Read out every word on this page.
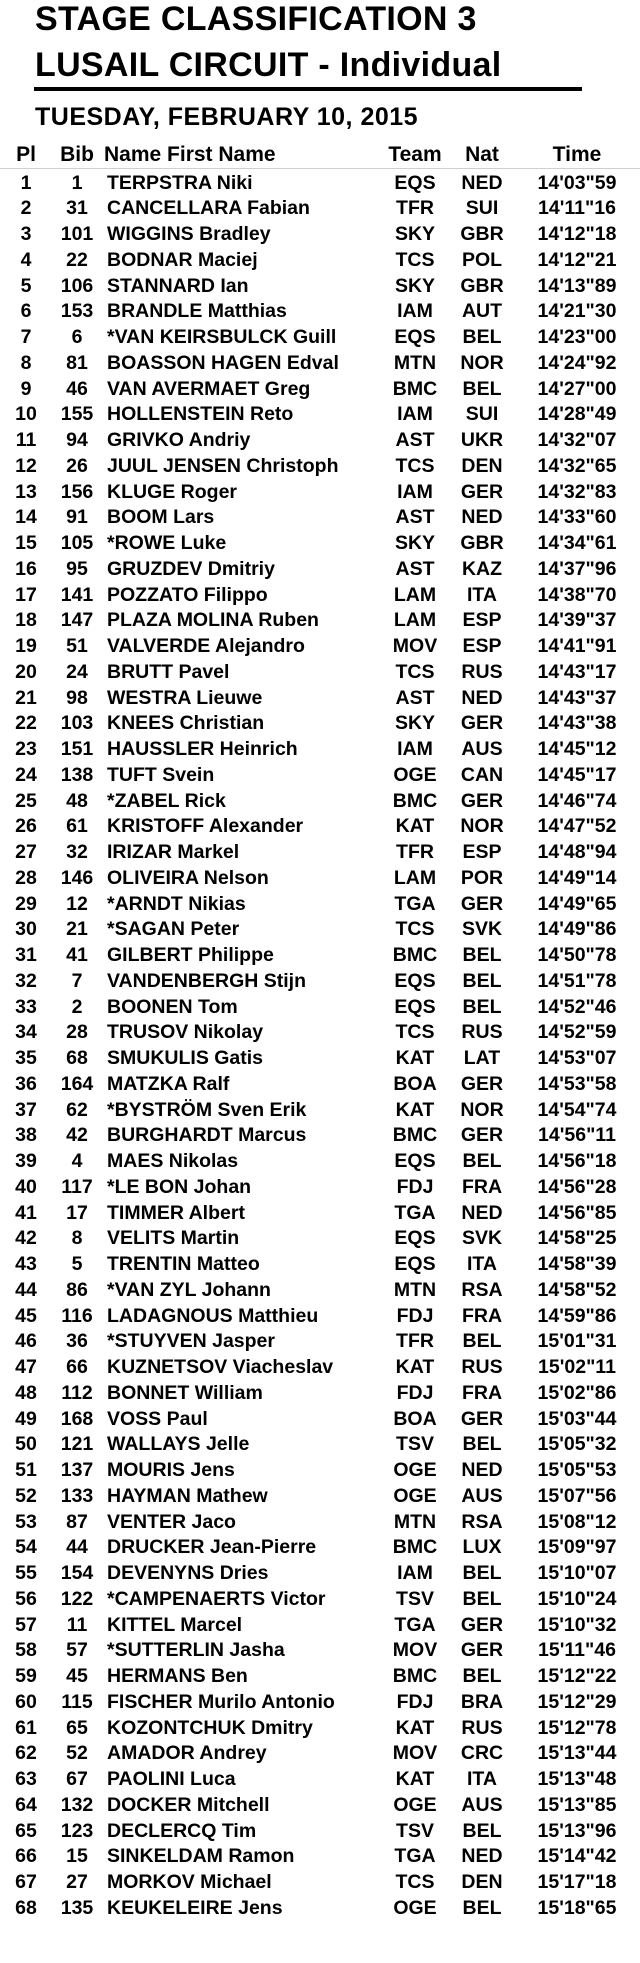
STAGE CLASSIFICATION 3
LUSAIL CIRCUIT - Individual
TUESDAY, FEBRUARY 10, 2015
Pl	Bib Name First Name	Team	Nat	Time
1	1	TERPSTRA Niki	EQS	NED	14'03"59
2	31 CANCELLARA Fabian	TFR	SUI	14'11"16
3	101 WIGGINS Bradley	SKY	GBR	14'12"18
4	22 BODNAR Maciej	TCS	POL	14'12"21
5	106 STANNARD Ian	SKY	GBR	14'13"89
6	153 BRANDLE Matthias	IAM	AUT	14'21"30
7	6	*VAN KEIRSBULCK Guill	EQS	BEL	14'23"00
8	81 BOASSON HAGEN Edval	MTN	NOR	14'24"92
9	46 VAN AVERMAET Greg	BMC	BEL	14'27"00
10	155 HOLLENSTEIN Reto	IAM	SUI	14'28"49
11	94 GRIVKO Andriy	AST	UKR	14'32"07
12	26 JUUL JENSEN Christoph	TCS	DEN	14'32"65
13	156 KLUGE Roger	IAM	GER	14'32"83
14	91 BOOM Lars	AST	NED	14'33"60
15	105 *ROWE Luke	SKY	GBR	14'34"61
16	95 GRUZDEV Dmitriy	AST	KAZ	14'37"96
17	141 POZZATO Filippo	LAM	ITA	14'38"70
18	147 PLAZA MOLINA Ruben	LAM	ESP	14'39"37
19	51 VALVERDE Alejandro	MOV	ESP	14'41"91
20	24 BRUTT Pavel	TCS	RUS	14'43"17
21	98 WESTRA Lieuwe	AST	NED	14'43"37
22	103 KNEES Christian	SKY	GER	14'43"38
23	151 HAUSSLER Heinrich	IAM	AUS	14'45"12
24	138 TUFT Svein	OGE	CAN	14'45"17
25	48 *ZABEL Rick	BMC	GER	14'46"74
26	61 KRISTOFF Alexander	KAT	NOR	14'47"52
27	32 IRIZAR Markel	TFR	ESP	14'48"94
28	146 OLIVEIRA Nelson	LAM	POR	14'49"14
29	12 *ARNDT Nikias	TGA	GER	14'49"65
30	21 *SAGAN Peter	TCS	SVK	14'49"86
31	41 GILBERT Philippe	BMC	BEL	14'50"78
32	7	VANDENBERGH Stijn	EQS	BEL	14'51"78
33	2	BOONEN Tom	EQS	BEL	14'52"46
34	28 TRUSOV Nikolay	TCS	RUS	14'52"59
35	68 SMUKULIS Gatis	KAT	LAT	14'53"07
36	164 MATZKA Ralf	BOA	GER	14'53"58
37	62 *BYSTRÖM Sven Erik	KAT	NOR	14'54"74
38	42 BURGHARDT Marcus	BMC	GER	14'56"11
39	4	MAES Nikolas	EQS	BEL	14'56"18
40	117 *LE BON Johan	FDJ	FRA	14'56"28
41	17 TIMMER Albert	TGA	NED	14'56"85
42	8	VELITS Martin	EQS	SVK	14'58"25
43	5	TRENTIN Matteo	EQS	ITA	14'58"39
44	86 *VAN ZYL Johann	MTN	RSA	14'58"52
45	116 LADAGNOUS Matthieu	FDJ	FRA	14'59"86
46	36 *STUYVEN Jasper	TFR	BEL	15'01"31
47	66 KUZNETSOV Viacheslav	KAT	RUS	15'02"11
48	112 BONNET William	FDJ	FRA	15'02"86
49	168 VOSS Paul	BOA	GER	15'03"44
50	121 WALLAYS Jelle	TSV	BEL	15'05"32
51	137 MOURIS Jens	OGE	NED	15'05"53
52	133 HAYMAN Mathew	OGE	AUS	15'07"56
53	87 VENTER Jaco	MTN	RSA	15'08"12
54	44 DRUCKER Jean-Pierre	BMC	LUX	15'09"97
55	154 DEVENYNS Dries	IAM	BEL	15'10"07
56	122 *CAMPENAERTS Victor	TSV	BEL	15'10"24
57	11	KITTEL Marcel	TGA	GER	15'10"32
58	57 *SUTTERLIN Jasha	MOV	GER	15'11"46
59	45 HERMANS Ben	BMC	BEL	15'12"22
60	115 FISCHER Murilo Antonio	FDJ	BRA	15'12"29
61	65 KOZONTCHUK Dmitry	KAT	RUS	15'12"78
62	52 AMADOR Andrey	MOV	CRC	15'13"44
63	67 PAOLINI Luca	KAT	ITA	15'13"48
64	132 DOCKER Mitchell	OGE	AUS	15'13"85
65	123 DECLERCQ Tim	TSV	BEL	15'13"96
66	15 SINKELDAM Ramon	TGA	NED	15'14"42
67	27 MORKOV Michael	TCS	DEN	15'17"18
68	135 KEUKELEIRE Jens	OGE	BEL	15'18"65
